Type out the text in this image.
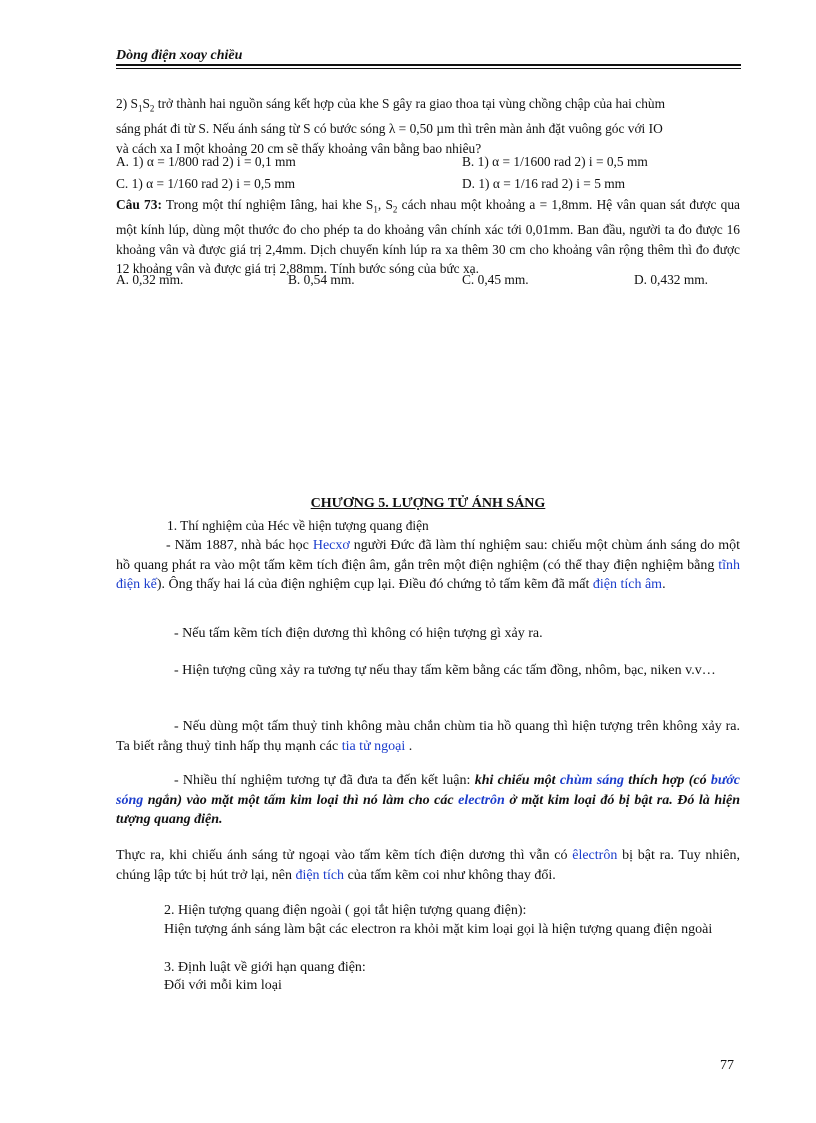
Dòng điện xoay chiều

2) $S_1S_2$ trở thành hai nguồn sáng kết hợp của khe S gây ra giao thoa tại vùng chồng chập của hai chùm

sáng phát đi từ S. Nếu ánh sáng từ S có bước sóng λ = 0,50 µm thì trên màn ảnh đặt vuông góc với IO

và cách xa I một khoảng 20 cm sẽ thấy khoảng vân bằng bao nhiêu?

A. 1) α = 1/800 rad 2) i = 0,1 mm	B. 1) α = 1/1600 rad 2) i = 0,5 mm
C. 1) α = 1/160 rad 2) i = 0,5 mm	D. 1) α = 1/16 rad 2) i = 5 mm

Câu 73: Trong một thí nghiệm Iâng, hai khe $S_1$, $S_2$ cách nhau một khoảng a = 1,8mm. Hệ vân quan sát được qua một kính lúp, dùng một thước đo cho phép ta do khoảng vân chính xác tới 0,01mm. Ban đầu, người ta đo được 16 khoảng vân và được giá trị 2,4mm. Dịch chuyển kính lúp ra xa thêm 30 cm cho khoảng vân rộng thêm thì đo được 12 khoảng vân và được giá trị 2,88mm. Tính bước sóng của bức xạ.

A. 0,32 mm.	B. 0,54 mm.	C. 0,45 mm.	D. 0,432 mm.
CHƯƠNG 5. LƯỢNG TỬ ÁNH SÁNG
1. Thí nghiệm của Héc về hiện tượng quang điện

- Năm 1887, nhà bác học Hecxơ người Đức đã làm thí nghiệm sau: chiếu một chùm ánh sáng do một hồ quang phát ra vào một tấm kẽm tích điện âm, gắn trên một điện nghiệm (có thể thay điện nghiệm bằng tĩnh điện kế). Ông thấy hai lá của điện nghiệm cụp lại. Điều đó chứng tỏ tấm kẽm đã mất điện tích âm.

- Nếu tấm kẽm tích điện dương thì không có hiện tượng gì xảy ra.

- Hiện tượng cũng xảy ra tương tự nếu thay tấm kẽm bằng các tấm đồng, nhôm, bạc, niken v.v…

- Nếu dùng một tấm thuỷ tinh không màu chắn chùm tia hồ quang thì hiện tượng trên không xảy ra. Ta biết rằng thuỷ tinh hấp thụ mạnh các tia tử ngoại .

- Nhiều thí nghiệm tương tự đã đưa ta đến kết luận: khi chiếu một chùm sáng thích hợp (có bước sóng ngắn) vào mặt một tấm kim loại thì nó làm cho các electrôn ở mặt kim loại đó bị bật ra. Đó là hiện tượng quang điện.

Thực ra, khi chiếu ánh sáng tử ngoại vào tấm kẽm tích điện dương thì vẫn có êlectrôn bị bật ra. Tuy nhiên, chúng lập tức bị hút trở lại, nên điện tích của tấm kẽm coi như không thay đổi.

2. Hiện tượng quang điện ngoài ( gọi tắt hiện tượng quang điện):

Hiện tượng ánh sáng làm bật các electron ra khỏi mặt kim loại gọi là hiện tượng quang điện ngoài

3. Định luật về giới hạn quang điện:
Đối với mỗi kim loại
77
